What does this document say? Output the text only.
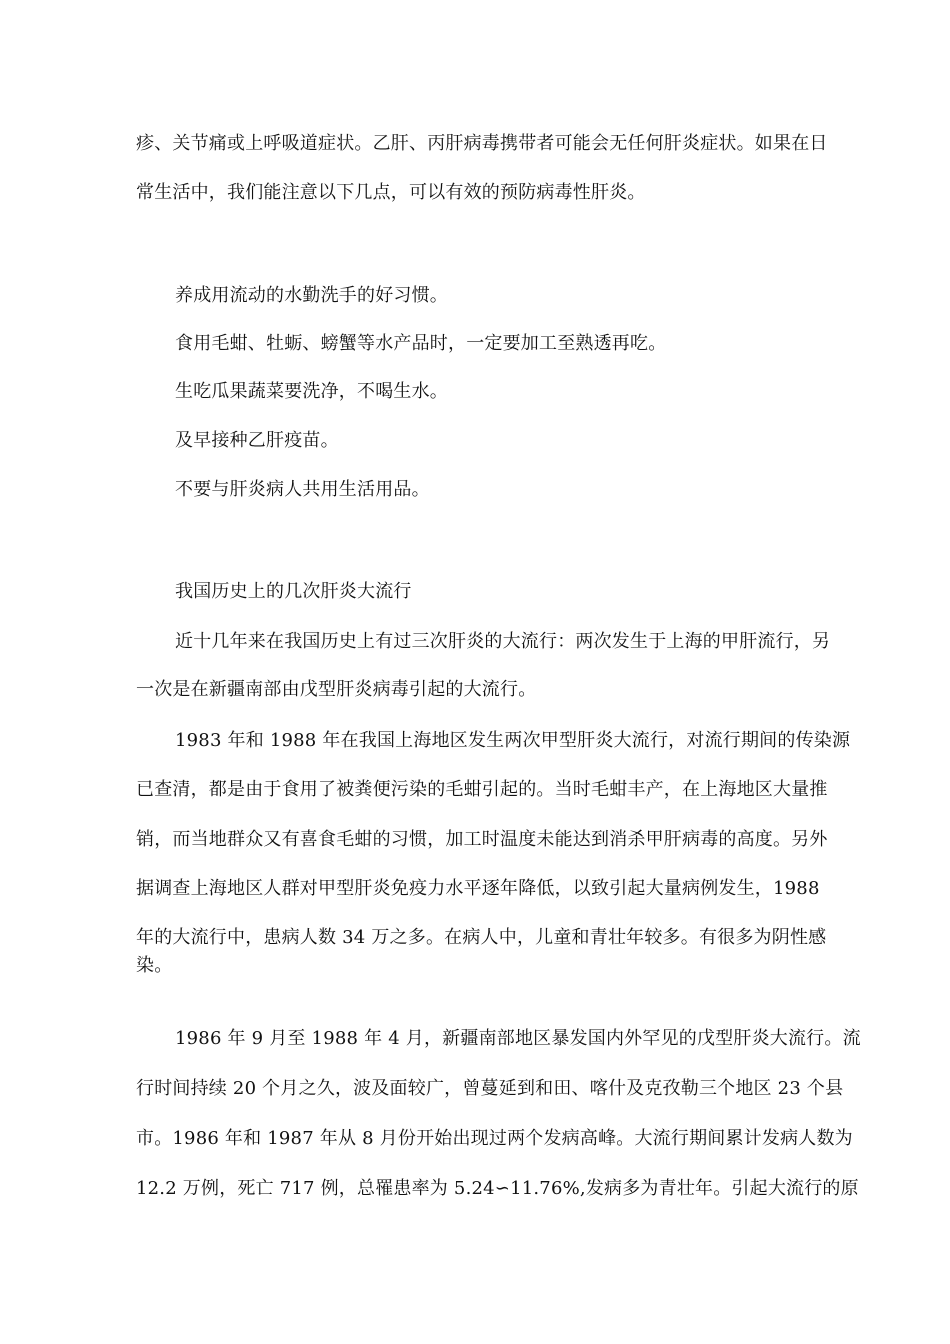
疹、关节痛或上呼吸道症状。乙肝、丙肝病毒携带者可能会无任何肝炎症状。如果在日
常生活中，我们能注意以下几点，可以有效的预防病毒性肝炎。
养成用流动的水勤洗手的好习惯。
食用毛蚶、牡蛎、螃蟹等水产品时，一定要加工至熟透再吃。
生吃瓜果蔬菜要洗净，不喝生水。
及早接种乙肝疫苗。
不要与肝炎病人共用生活用品。
我国历史上的几次肝炎大流行
近十几年来在我国历史上有过三次肝炎的大流行：两次发生于上海的甲肝流行，另
一次是在新疆南部由戊型肝炎病毒引起的大流行。
1983 年和 1988 年在我国上海地区发生两次甲型肝炎大流行，对流行期间的传染源
已查清，都是由于食用了被粪便污染的毛蚶引起的。当时毛蚶丰产，在上海地区大量推
销，而当地群众又有喜食毛蚶的习惯，加工时温度未能达到消杀甲肝病毒的高度。另外
据调查上海地区人群对甲型肝炎免疫力水平逐年降低，以致引起大量病例发生，1988
年的大流行中，患病人数 34 万之多。在病人中，儿童和青壮年较多。有很多为阴性感
染。
1986 年 9 月至 1988 年 4 月，新疆南部地区暴发国内外罕见的戊型肝炎大流行。流
行时间持续 20 个月之久，波及面较广，曾蔓延到和田、喀什及克孜勒三个地区 23 个县
市。1986 年和 1987 年从 8 月份开始出现过两个发病高峰。大流行期间累计发病人数为
12.2 万例，死亡 717 例，总罹患率为 5.24∽11.76%,发病多为青壮年。引起大流行的原
